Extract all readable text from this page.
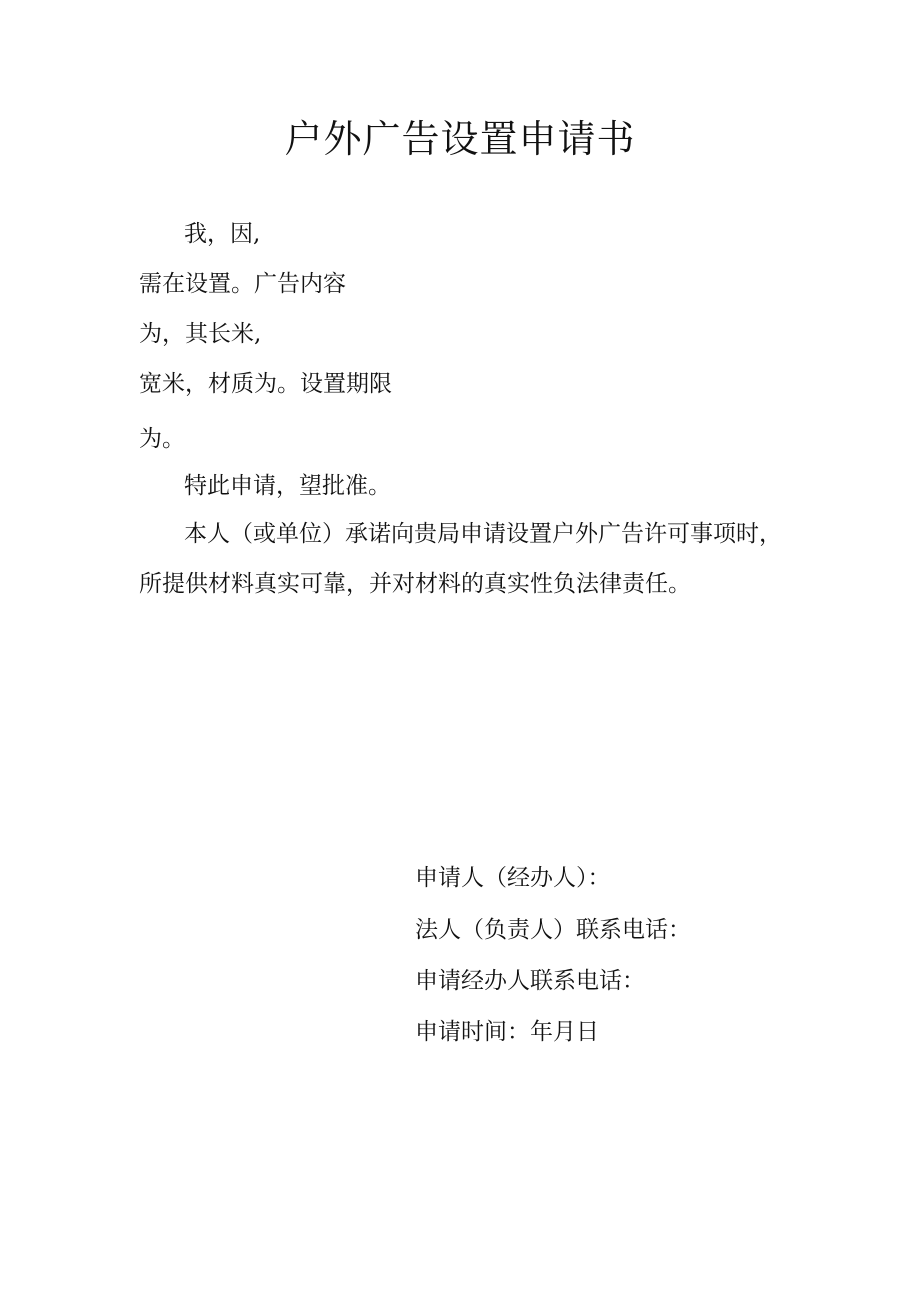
户外广告设置申请书

我，因,

需在设置。广告内容

为，其长米,

宽米，材质为。设置期限

为。

特此申请，望批准。

本人（或单位）承诺向贵局申请设置户外广告许可事项时，

所提供材料真实可靠，并对材料的真实性负法律责任。

申请人（经办人）：

法人（负责人）联系电话：

申请经办人联系电话：

申请时间：年月日
